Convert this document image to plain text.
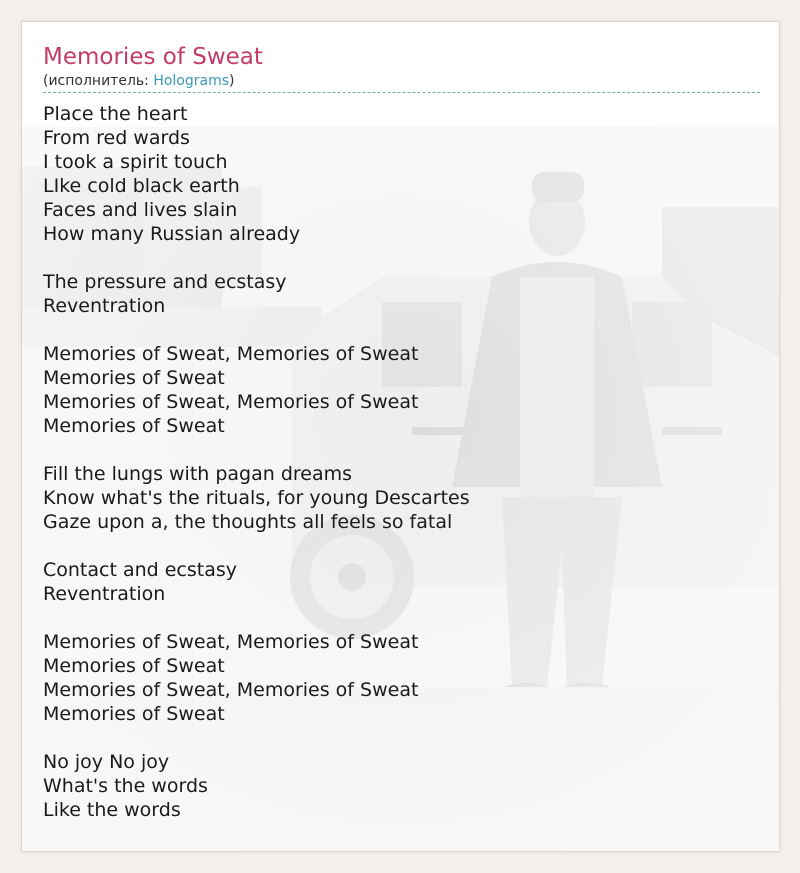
Memories of Sweat
(исполнитель: Holograms)
Place the heart
From red wards
I took a spirit touch
LIke cold black earth
Faces and lives slain
How many Russian already
The pressure and ecstasy
Reventration
Memories of Sweat, Memories of Sweat
Memories of Sweat
Memories of Sweat, Memories of Sweat
Memories of Sweat
Fill the lungs with pagan dreams
Know what's the rituals, for young Descartes
Gaze upon a, the thoughts all feels so fatal
Contact and ecstasy
Reventration
Memories of Sweat, Memories of Sweat
Memories of Sweat
Memories of Sweat, Memories of Sweat
Memories of Sweat
No joy No joy
What's the words
Like the words
